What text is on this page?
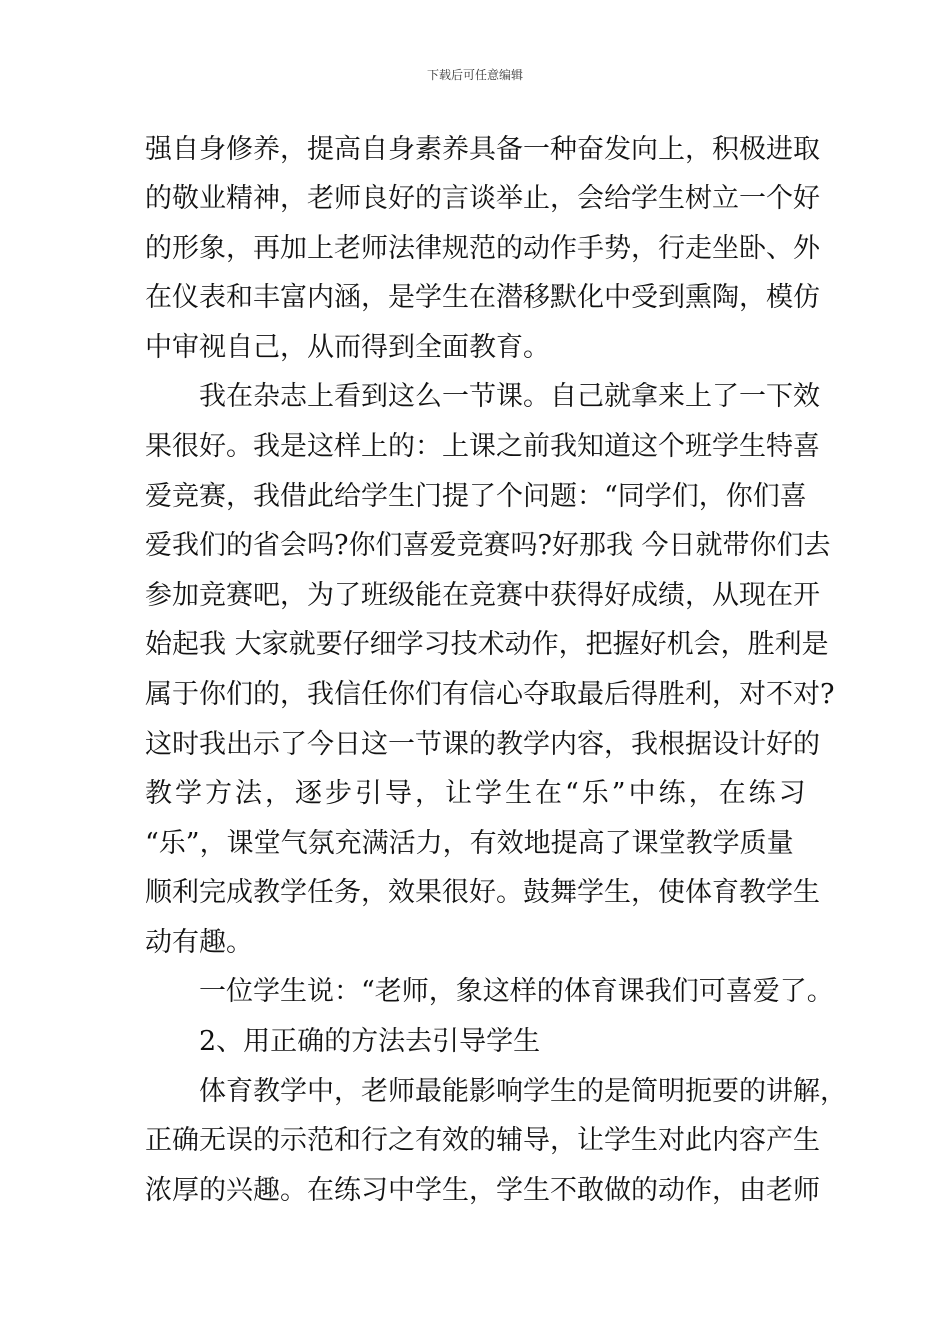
下载后可任意编辑
强自身修养，提高自身素养具备一种奋发向上，积极进取
的敬业精神，老师良好的言谈举止，会给学生树立一个好
的形象，再加上老师法律规范的动作手势，行走坐卧、外
在仪表和丰富内涵，是学生在潜移默化中受到熏陶，模仿
中审视自己，从而得到全面教育。
我在杂志上看到这么一节课。自己就拿来上了一下效
果很好。我是这样上的：上课之前我知道这个班学生特喜
爱竞赛，我借此给学生门提了个问题：“同学们，你们喜
爱我们的省会吗?你们喜爱竞赛吗?好那我 今日就带你们去
参加竞赛吧，为了班级能在竞赛中获得好成绩，从现在开
始起我 大家就要仔细学习技术动作，把握好机会，胜利是
属于你们的，我信任你们有信心夺取最后得胜利，对不对?
这时我出示了今日这一节课的教学内容，我根据设计好的
教学方法，逐步引导，让学生在“乐”中练，在练习
“乐”，课堂气氛充满活力，有效地提高了课堂教学质量
顺利完成教学任务，效果很好。鼓舞学生，使体育教学生
动有趣。
一位学生说：“老师，象这样的体育课我们可喜爱了。
2、用正确的方法去引导学生
体育教学中，老师最能影响学生的是简明扼要的讲解，
正确无误的示范和行之有效的辅导，让学生对此内容产生
浓厚的兴趣。在练习中学生，学生不敢做的动作，由老师
